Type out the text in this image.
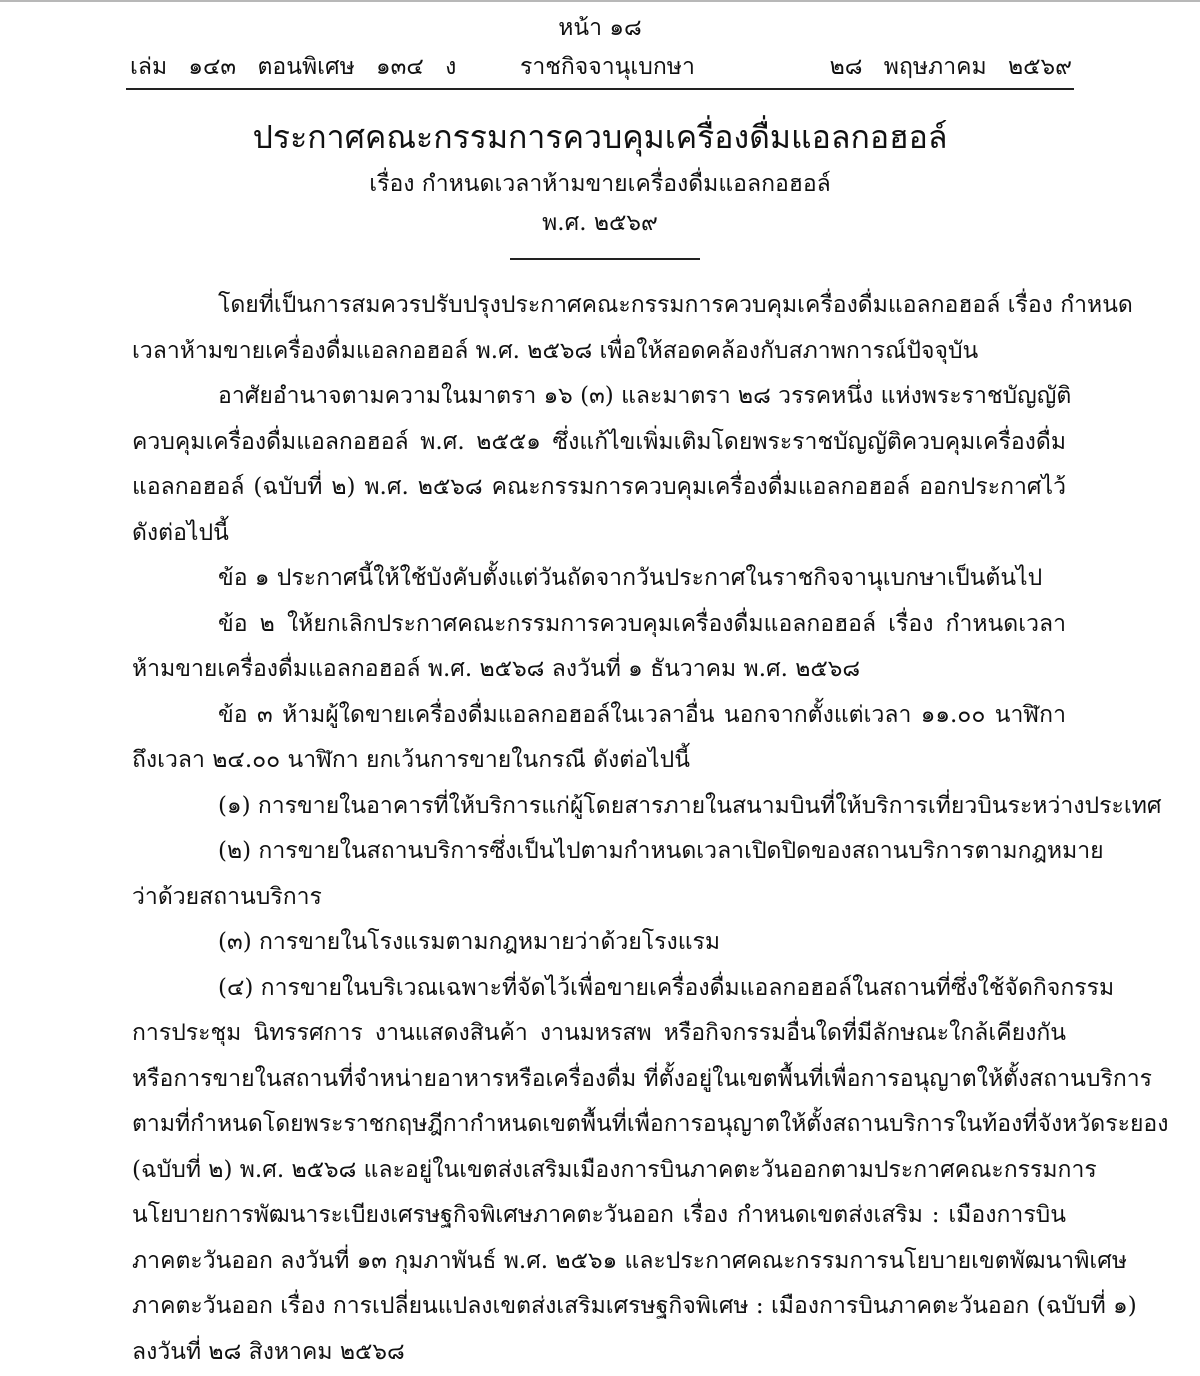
หน้า ๑๘
เล่ม ๑๔๓ ตอนพิเศษ ๑๓๔ ง	ราชกิจจานุเบกษา	๒๘ พฤษภาคม ๒๕๖๙
ประกาศคณะกรรมการควบคุมเครื่องดื่มแอลกอฮอล์
เรื่อง กำหนดเวลาห้ามขายเครื่องดื่มแอลกอฮอล์
พ.ศ. ๒๕๖๙
โดยที่เป็นการสมควรปรับปรุงประกาศคณะกรรมการควบคุมเครื่องดื่มแอลกอฮอล์ เรื่อง กำหนด
เวลาห้ามขายเครื่องดื่มแอลกอฮอล์ พ.ศ. ๒๕๖๘ เพื่อให้สอดคล้องกับสภาพการณ์ปัจจุบัน
อาศัยอำนาจตามความในมาตรา ๑๖ (๓) และมาตรา ๒๘ วรรคหนึ่ง แห่งพระราชบัญญัติ
ควบคุมเครื่องดื่มแอลกอฮอล์ พ.ศ. ๒๕๕๑ ซึ่งแก้ไขเพิ่มเติมโดยพระราชบัญญัติควบคุมเครื่องดื่ม
แอลกอฮอล์ (ฉบับที่ ๒) พ.ศ. ๒๕๖๘ คณะกรรมการควบคุมเครื่องดื่มแอลกอฮอล์ ออกประกาศไว้
ดังต่อไปนี้
ข้อ ๑ ประกาศนี้ให้ใช้บังคับตั้งแต่วันถัดจากวันประกาศในราชกิจจานุเบกษาเป็นต้นไป
ข้อ ๒ ให้ยกเลิกประกาศคณะกรรมการควบคุมเครื่องดื่มแอลกอฮอล์ เรื่อง กำหนดเวลา
ห้ามขายเครื่องดื่มแอลกอฮอล์ พ.ศ. ๒๕๖๘ ลงวันที่ ๑ ธันวาคม พ.ศ. ๒๕๖๘
ข้อ ๓ ห้ามผู้ใดขายเครื่องดื่มแอลกอฮอล์ในเวลาอื่น นอกจากตั้งแต่เวลา ๑๑.๐๐ นาฬิกา
ถึงเวลา ๒๔.๐๐ นาฬิกา ยกเว้นการขายในกรณี ดังต่อไปนี้
(๑) การขายในอาคารที่ให้บริการแก่ผู้โดยสารภายในสนามบินที่ให้บริการเที่ยวบินระหว่างประเทศ
(๒) การขายในสถานบริการซึ่งเป็นไปตามกำหนดเวลาเปิดปิดของสถานบริการตามกฎหมาย
ว่าด้วยสถานบริการ
(๓) การขายในโรงแรมตามกฎหมายว่าด้วยโรงแรม
(๔) การขายในบริเวณเฉพาะที่จัดไว้เพื่อขายเครื่องดื่มแอลกอฮอล์ในสถานที่ซึ่งใช้จัดกิจกรรม
การประชุม นิทรรศการ งานแสดงสินค้า งานมหรสพ หรือกิจกรรมอื่นใดที่มีลักษณะใกล้เคียงกัน
หรือการขายในสถานที่จำหน่ายอาหารหรือเครื่องดื่ม ที่ตั้งอยู่ในเขตพื้นที่เพื่อการอนุญาตให้ตั้งสถานบริการ
ตามที่กำหนดโดยพระราชกฤษฎีกากำหนดเขตพื้นที่เพื่อการอนุญาตให้ตั้งสถานบริการในท้องที่จังหวัดระยอง
(ฉบับที่ ๒) พ.ศ. ๒๕๖๘ และอยู่ในเขตส่งเสริมเมืองการบินภาคตะวันออกตามประกาศคณะกรรมการ
นโยบายการพัฒนาระเบียงเศรษฐกิจพิเศษภาคตะวันออก เรื่อง กำหนดเขตส่งเสริม : เมืองการบิน
ภาคตะวันออก ลงวันที่ ๑๓ กุมภาพันธ์ พ.ศ. ๒๕๖๑ และประกาศคณะกรรมการนโยบายเขตพัฒนาพิเศษ
ภาคตะวันออก เรื่อง การเปลี่ยนแปลงเขตส่งเสริมเศรษฐกิจพิเศษ : เมืองการบินภาคตะวันออก (ฉบับที่ ๑)
ลงวันที่ ๒๘ สิงหาคม ๒๕๖๘
